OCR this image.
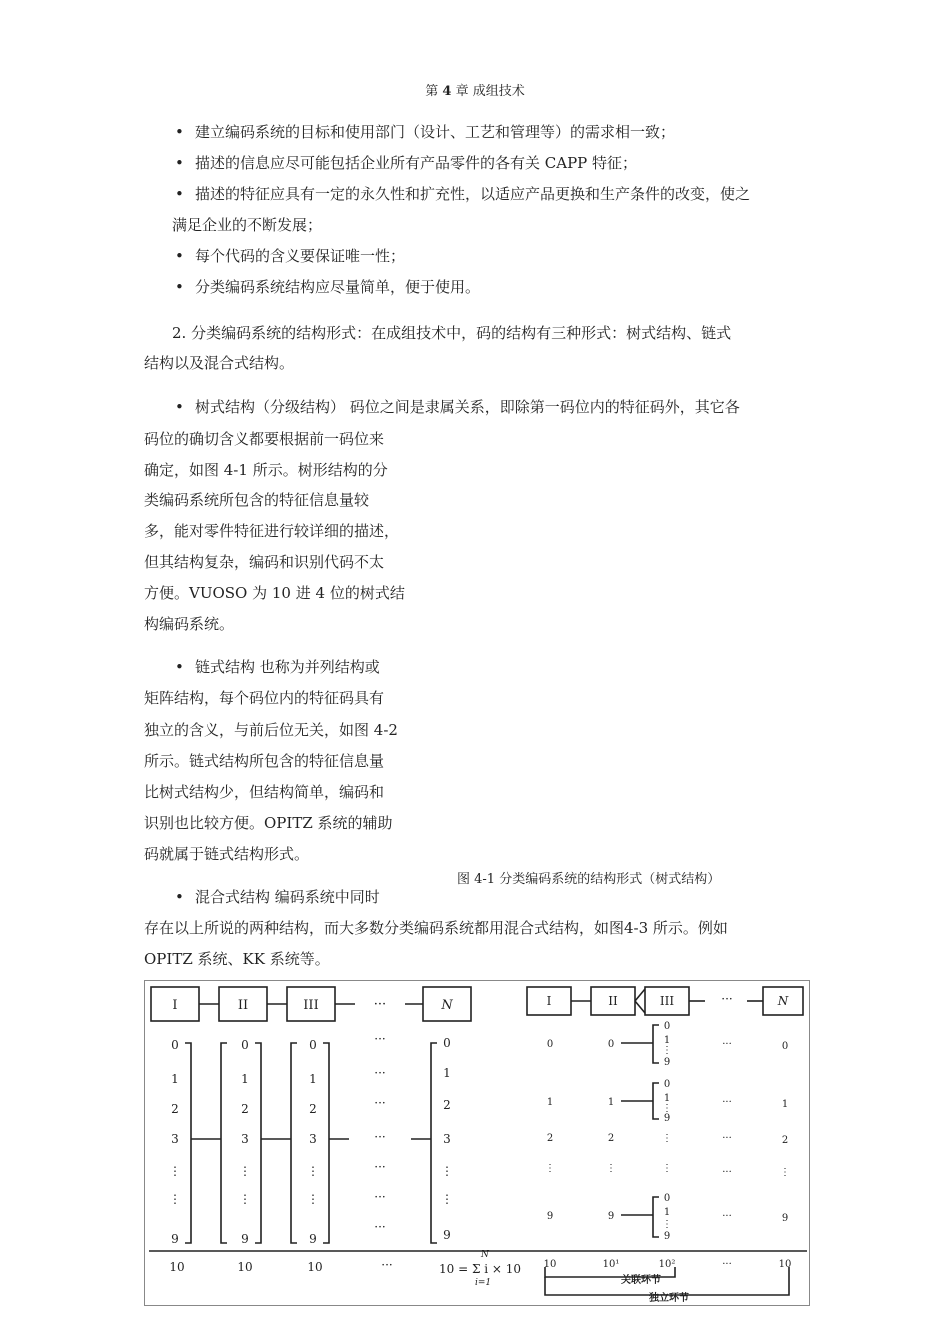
第 4 章 成组技术
• 建立编码系统的目标和使用部门（设计、工艺和管理等）的需求相一致；
• 描述的信息应尽可能包括企业所有产品零件的各有关 CAPP 特征；
• 描述的特征应具有一定的永久性和扩充性，以适应产品更换和生产条件的改变，使之
满足企业的不断发展；
• 每个代码的含义要保证唯一性；
• 分类编码系统结构应尽量简单，便于使用。
2. 分类编码系统的结构形式：在成组技术中，码的结构有三种形式：树式结构、链式
结构以及混合式结构。
• 树式结构（分级结构） 码位之间是隶属关系，即除第一码位内的特征码外，其它各
码位的确切含义都要根据前一码位来
确定，如图 4-1 所示。树形结构的分
类编码系统所包含的特征信息量较
多，能对零件特征进行较详细的描述，
但其结构复杂，编码和识别代码不太
方便。VUOSO 为 10 进 4 位的树式结
构编码系统。
• 链式结构 也称为并列结构或
矩阵结构，每个码位内的特征码具有
独立的含义，与前后位无关，如图 4-2
所示。链式结构所包含的特征信息量
比树式结构少，但结构简单，编码和
识别也比较方便。OPITZ 系统的辅助
码就属于链式结构形式。
图 4-1 分类编码系统的结构形式（树式结构）
• 混合式结构 编码系统中同时
存在以上所说的两种结构，而大多数分类编码系统都用混合式结构，如图4-3 所示。例如
OPITZ 系统、KK 系统等。
I	II	III	···	N
0
1
2
3
⋮
⋮
9
0
1
2
3
⋮
⋮
9
0
1
2
3
⋮
⋮
9
···
···
···
···
···
···
···
0
1
2
3
⋮
⋮
9
10	10	10	···	10 = Σ i × 10
N
i=1
I	II	III	···	N
0
1
2
⋮
9
0
1
2
⋮
9
0
1
⋮
9
0
1
⋮
9
⋮
⋮
0
1
⋮
9
···
···
···
···
···
0
1
2
⋮
9
10	10¹	10²	···	10
关联环节
独立环节
